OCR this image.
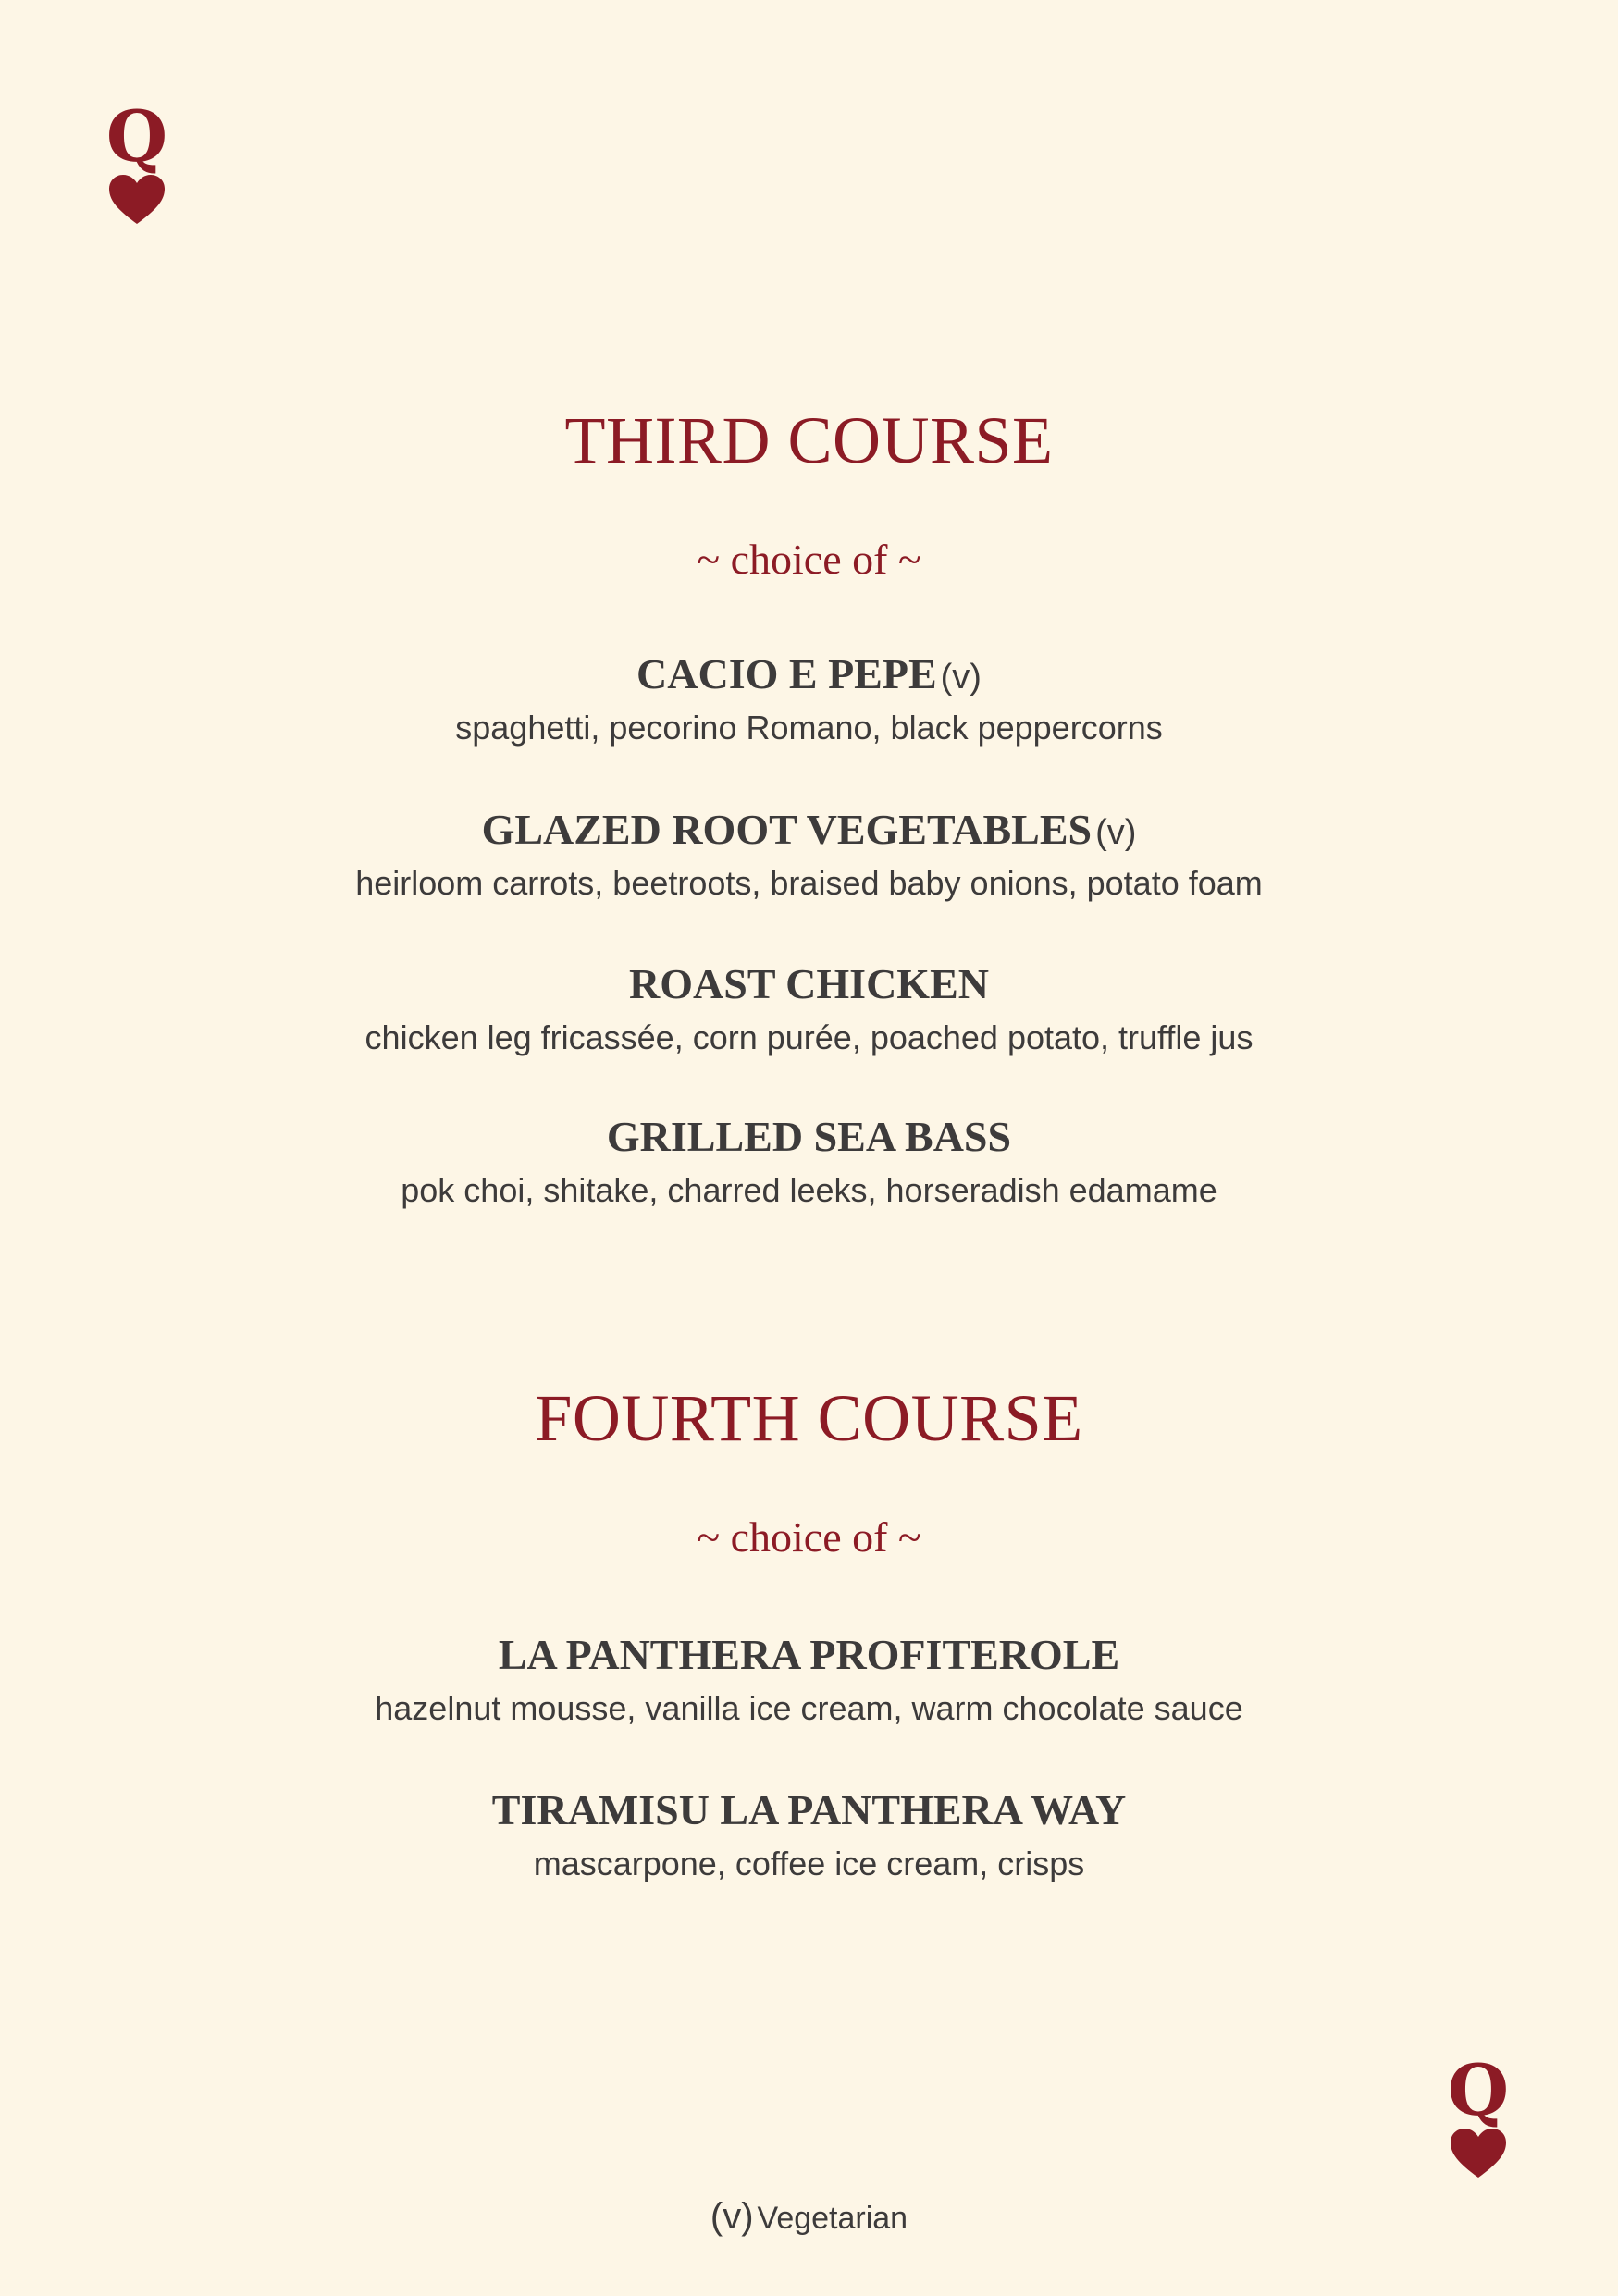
Q
THIRD COURSE

~ choice of ~

CACIO E PEPE (v)
spaghetti, pecorino Romano, black peppercorns
GLAZED ROOT VEGETABLES (v)
heirloom carrots, beetroots, braised baby onions, potato foam
ROAST CHICKEN
chicken leg fricassée, corn purée, poached potato, truffle jus
GRILLED SEA BASS
pok choi, shitake, charred leeks, horseradish edamame
FOURTH COURSE

~ choice of ~

LA PANTHERA PROFITEROLE
hazelnut mousse, vanilla ice cream, warm chocolate sauce
TIRAMISU LA PANTHERA WAY
mascarpone, coffee ice cream, crisps
Q
(v) Vegetarian
